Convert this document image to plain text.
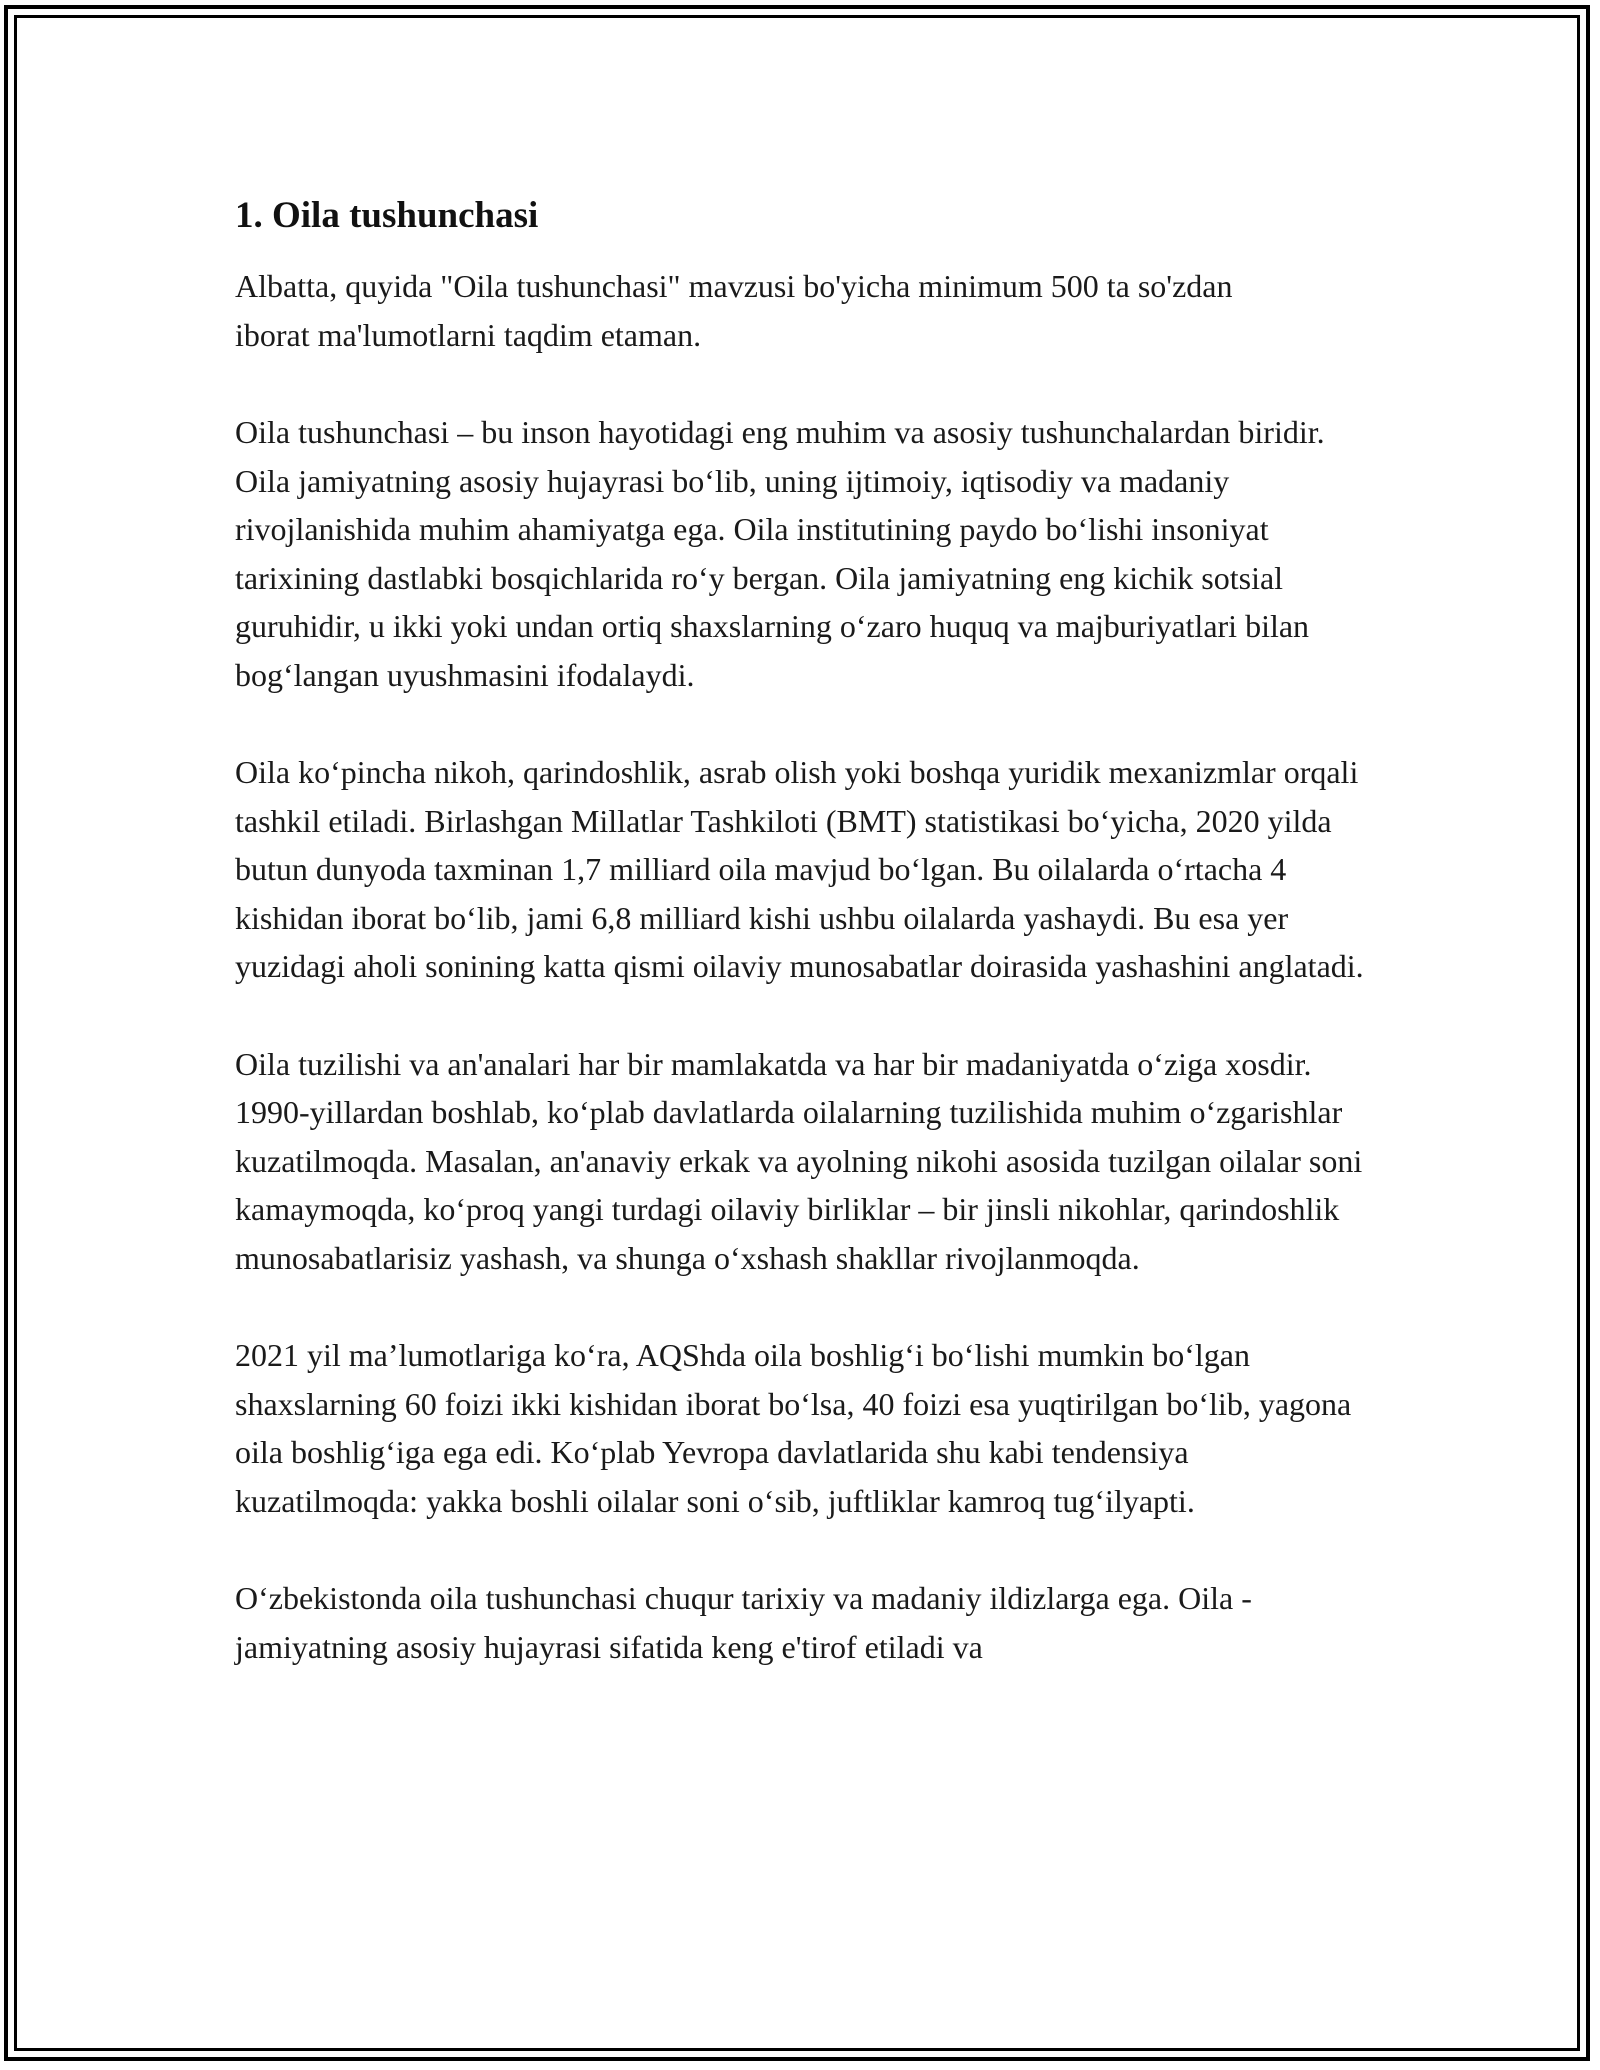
1. Oila tushunchasi

Albatta, quyida "Oila tushunchasi" mavzusi bo'yicha minimum 500 ta so'zdan iborat ma'lumotlarni taqdim etaman.

Oila tushunchasi – bu inson hayotidagi eng muhim va asosiy tushunchalardan biridir. Oila jamiyatning asosiy hujayrasi boʻlib, uning ijtimoiy, iqtisodiy va madaniy rivojlanishida muhim ahamiyatga ega. Oila institutining paydo boʻlishi insoniyat tarixining dastlabki bosqichlarida roʻy bergan. Oila jamiyatning eng kichik sotsial guruhidir, u ikki yoki undan ortiq shaxslarning oʻzaro huquq va majburiyatlari bilan bogʻlangan uyushmasini ifodalaydi.

Oila koʻpincha nikoh, qarindoshlik, asrab olish yoki boshqa yuridik mexanizmlar orqali tashkil etiladi. Birlashgan Millatlar Tashkiloti (BMT) statistikasi boʻyicha, 2020 yilda butun dunyoda taxminan 1,7 milliard oila mavjud boʻlgan. Bu oilalarda oʻrtacha 4 kishidan iborat boʻlib, jami 6,8 milliard kishi ushbu oilalarda yashaydi. Bu esa yer yuzidagi aholi sonining katta qismi oilaviy munosabatlar doirasida yashashini anglatadi.

Oila tuzilishi va an'analari har bir mamlakatda va har bir madaniyatda oʻziga xosdir. 1990-yillardan boshlab, koʻplab davlatlarda oilalarning tuzilishida muhim oʻzgarishlar kuzatilmoqda. Masalan, an'anaviy erkak va ayolning nikohi asosida tuzilgan oilalar soni kamaymoqda, koʻproq yangi turdagi oilaviy birliklar – bir jinsli nikohlar, qarindoshlik munosabatlarisiz yashash, va shunga oʻxshash shakllar rivojlanmoqda.

2021 yil ma’lumotlariga koʻra, AQShda oila boshligʻi boʻlishi mumkin boʻlgan shaxslarning 60 foizi ikki kishidan iborat boʻlsa, 40 foizi esa yuqtirilgan boʻlib, yagona oila boshligʻiga ega edi. Koʻplab Yevropa davlatlarida shu kabi tendensiya kuzatilmoqda: yakka boshli oilalar soni oʻsib, juftliklar kamroq tugʻilyapti.

Oʻzbekistonda oila tushunchasi chuqur tarixiy va madaniy ildizlarga ega. Oila - jamiyatning asosiy hujayrasi sifatida keng e'tirof etiladi va
